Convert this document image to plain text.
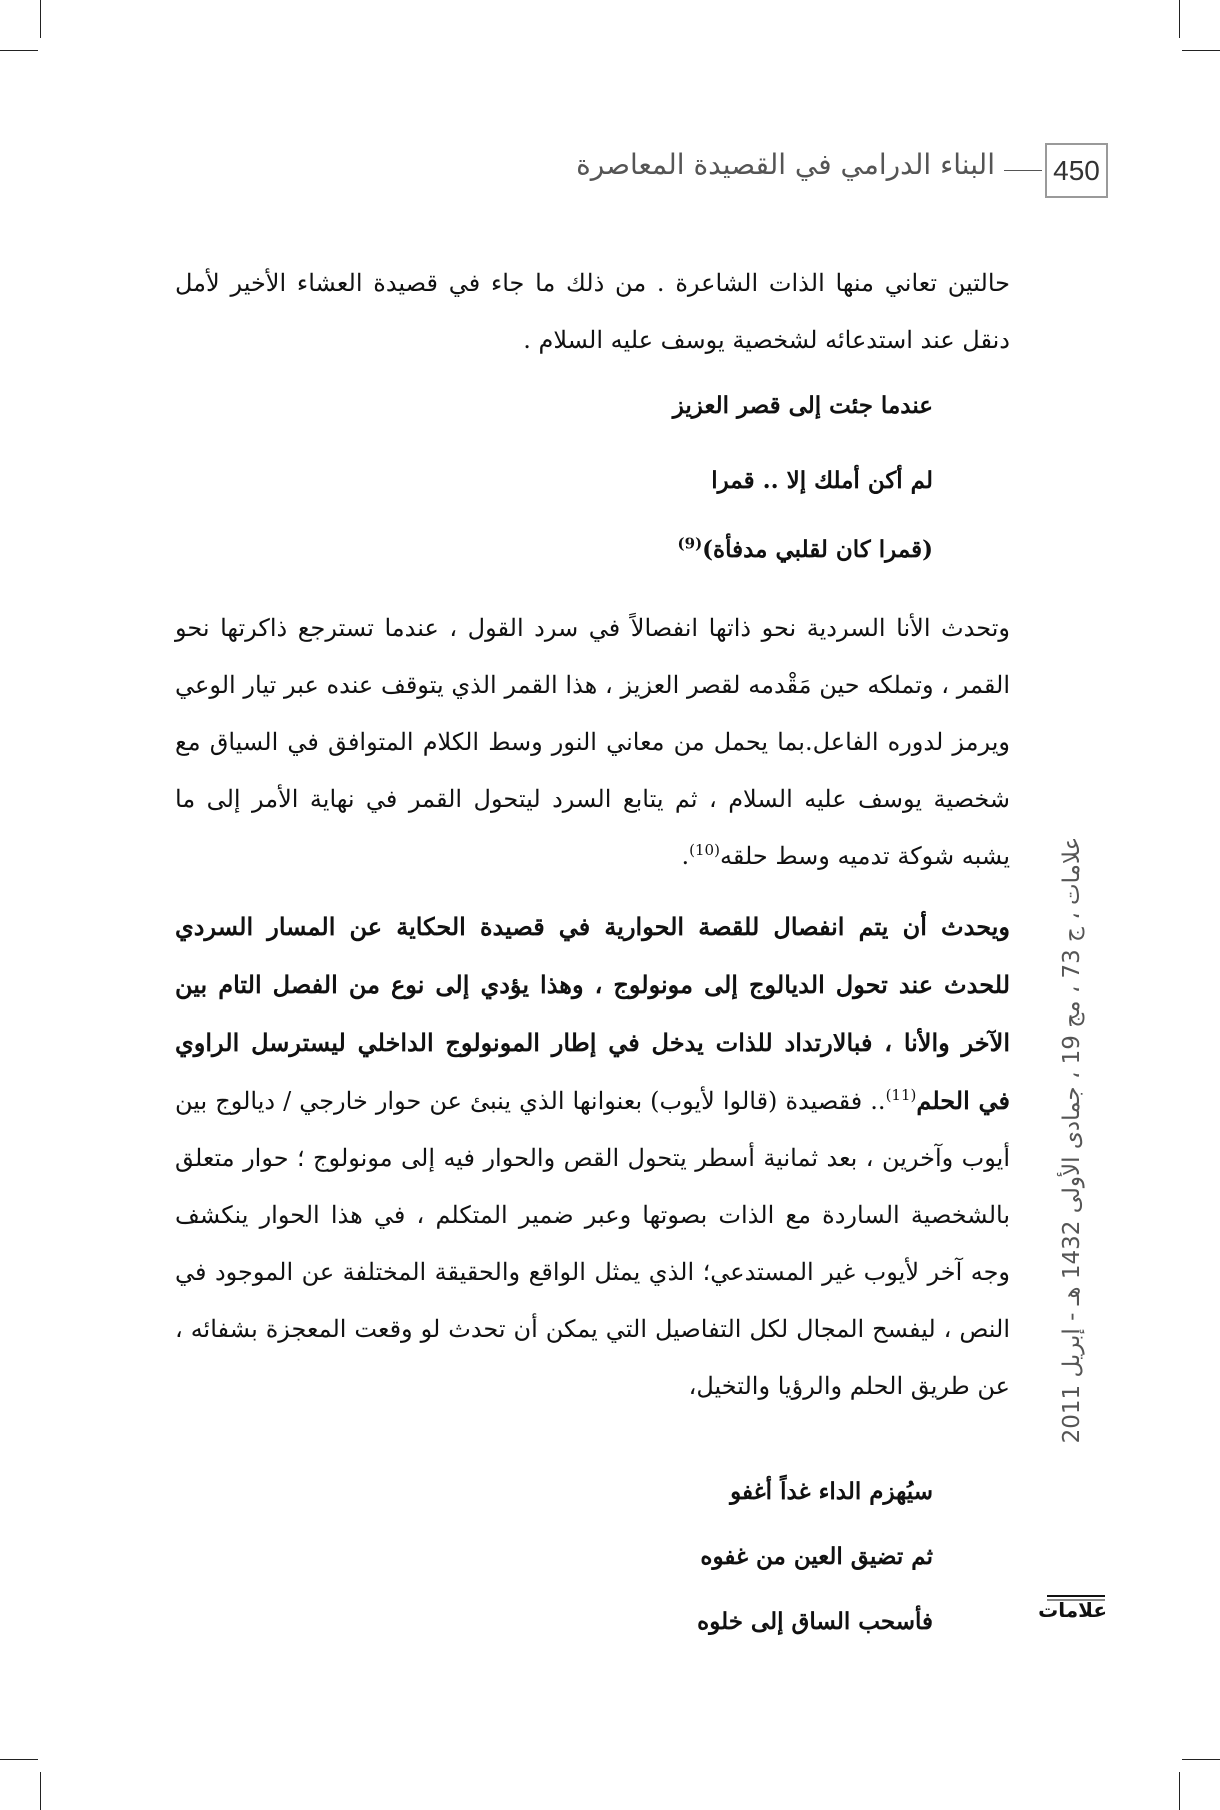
البناء الدرامي في القصيدة المعاصرة 450

حالتين تعاني منها الذات الشاعرة . من ذلك ما جاء في قصيدة العشاء الأخير لأمل دنقل عند استدعائه لشخصية يوسف عليه السلام .

عندما جئت إلى قصر العزيز
لم أكن أملك إلا .. قمرا
(قمرا كان لقلبي مدفأة)$^{(9)}$

وتحدث الأنا السردية نحو ذاتها انفصالاً في سرد القول ، عندما تسترجع ذاكرتها نحو القمر ، وتملكه حين مَقْدمه لقصر العزيز ، هذا القمر الذي يتوقف عنده عبر تيار الوعي ويرمز لدوره الفاعل.بما يحمل من معاني النور وسط الكلام المتوافق في السياق مع شخصية يوسف عليه السلام ، ثم يتابع السرد ليتحول القمر في نهاية الأمر إلى ما يشبه شوكة تدميه وسط حلقه$^{(10)}$.

ويحدث أن يتم انفصال للقصة الحوارية في قصيدة الحكاية عن المسار السردي للحدث عند تحول الديالوج إلى مونولوج ، وهذا يؤدي إلى نوع من الفصل التام بين الآخر والأنا ، فبالارتداد للذات يدخل في إطار المونولوج الداخلي ليسترسل الراوي في الحلم$^{(11)}$.. فقصيدة (قالوا لأيوب) بعنوانها الذي ينبئ عن حوار خارجي / ديالوج بين أيوب وآخرين ، بعد ثمانية أسطر يتحول القص والحوار فيه إلى مونولوج ؛ حوار متعلق بالشخصية الساردة مع الذات بصوتها وعبر ضمير المتكلم ، في هذا الحوار ينكشف وجه آخر لأيوب غير المستدعي؛ الذي يمثل الواقع والحقيقة المختلفة عن الموجود في النص ، ليفسح المجال لكل التفاصيل التي يمكن أن تحدث لو وقعت المعجزة بشفائه ، عن طريق الحلم والرؤيا والتخيل،

سيُهزم الداء غداً أغفو
ثم تضيق العين من غفوه
فأسحب الساق إلى خلوه
علامات ، ج 73 ، مج 19 ، جمادى الأولى 1432 هـ - إبريل 2011
علامات
